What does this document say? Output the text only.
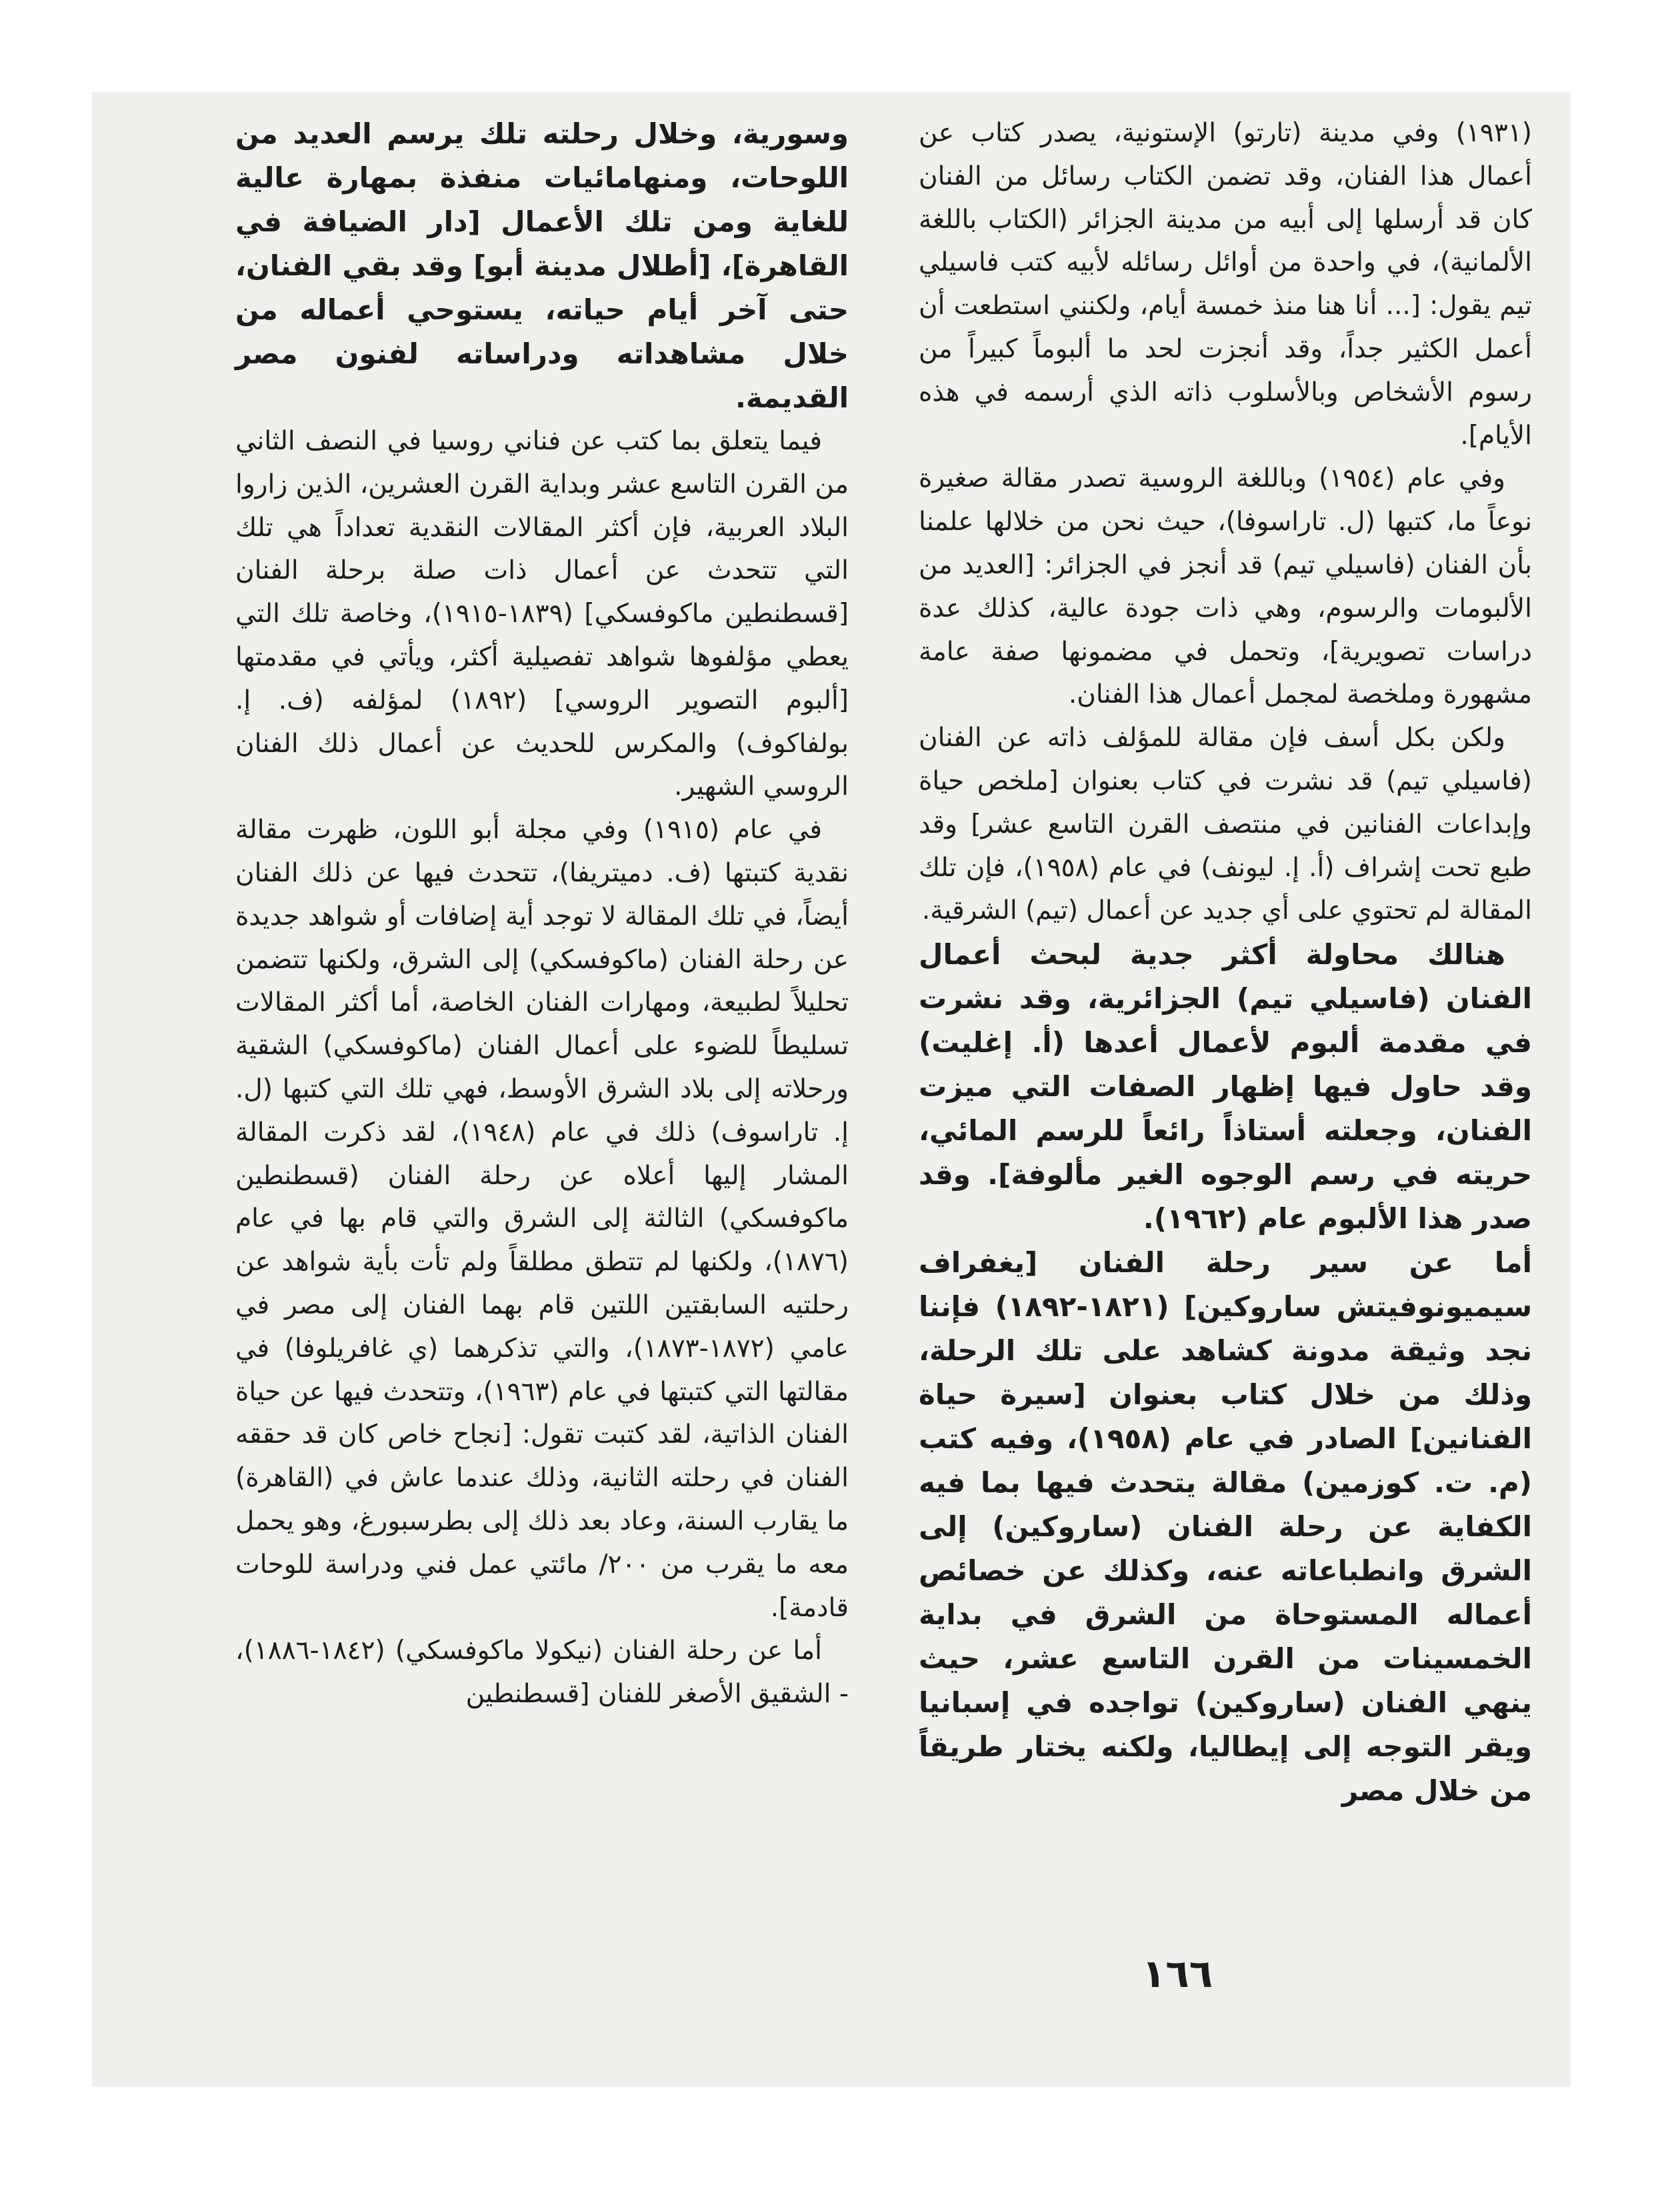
(١٩٣١) وفي مدينة (تارتو) الإستونية، يصدر كتاب عن أعمال هذا الفنان، وقد تضمن الكتاب رسائل من الفنان كان قد أرسلها إلى أبيه من مدينة الجزائر (الكتاب باللغة الألمانية)، في واحدة من أوائل رسائله لأبيه كتب فاسيلي تيم يقول: [... أنا هنا منذ خمسة أيام، ولكنني استطعت أن أعمل الكثير جداً، وقد أنجزت لحد ما ألبوماً كبيراً من رسوم الأشخاص وبالأسلوب ذاته الذي أرسمه في هذه الأيام].

وفي عام (١٩٥٤) وباللغة الروسية تصدر مقالة صغيرة نوعاً ما، كتبها (ل. تاراسوفا)، حيث نحن من خلالها علمنا بأن الفنان (فاسيلي تيم) قد أنجز في الجزائر: [العديد من الألبومات والرسوم، وهي ذات جودة عالية، كذلك عدة دراسات تصويرية]، وتحمل في مضمونها صفة عامة مشهورة وملخصة لمجمل أعمال هذا الفنان.

ولكن بكل أسف فإن مقالة للمؤلف ذاته عن الفنان (فاسيلي تيم) قد نشرت في كتاب بعنوان [ملخص حياة وإبداعات الفنانين في منتصف القرن التاسع عشر] وقد طبع تحت إشراف (أ. إ. ليونف) في عام (١٩٥٨)، فإن تلك المقالة لم تحتوي على أي جديد عن أعمال (تيم) الشرقية.

هنالك محاولة أكثر جدية لبحث أعمال الفنان (فاسيلي تيم) الجزائرية، وقد نشرت في مقدمة ألبوم لأعمال أعدها (أ. إغليت) وقد حاول فيها إظهار الصفات التي ميزت الفنان، وجعلته أستاذاً رائعاً للرسم المائي، حريته في رسم الوجوه الغير مألوفة]. وقد صدر هذا الألبوم عام (١٩٦٢).

أما عن سير رحلة الفنان [يغفراف سيميونوفيتش ساروكين] (١٨٢١-١٨٩٢) فإننا نجد وثيقة مدونة كشاهد على تلك الرحلة، وذلك من خلال كتاب بعنوان [سيرة حياة الفنانين] الصادر في عام (١٩٥٨)، وفيه كتب (م. ت. كوزمين) مقالة يتحدث فيها بما فيه الكفاية عن رحلة الفنان (ساروكين) إلى الشرق وانطباعاته عنه، وكذلك عن خصائص أعماله المستوحاة من الشرق في بداية الخمسينات من القرن التاسع عشر، حيث ينهي الفنان (ساروكين) تواجده في إسبانيا ويقر التوجه إلى إيطاليا، ولكنه يختار طريقاً من خلال مصر

وسورية، وخلال رحلته تلك يرسم العديد من اللوحات، ومنهامائيات منفذة بمهارة عالية للغاية ومن تلك الأعمال [دار الضيافة في القاهرة]، [أطلال مدينة أبو] وقد بقي الفنان، حتى آخر أيام حياته، يستوحي أعماله من خلال مشاهداته ودراساته لفنون مصر القديمة.

فيما يتعلق بما كتب عن فناني روسيا في النصف الثاني من القرن التاسع عشر وبداية القرن العشرين، الذين زاروا البلاد العربية، فإن أكثر المقالات النقدية تعداداً هي تلك التي تتحدث عن أعمال ذات صلة برحلة الفنان [قسطنطين ماكوفسكي] (١٨٣٩-١٩١٥)، وخاصة تلك التي يعطي مؤلفوها شواهد تفصيلية أكثر، ويأتي في مقدمتها [ألبوم التصوير الروسي] (١٨٩٢) لمؤلفه (ف. إ. بولفاكوف) والمكرس للحديث عن أعمال ذلك الفنان الروسي الشهير.

في عام (١٩١٥) وفي مجلة أبو اللون، ظهرت مقالة نقدية كتبتها (ف. دميتريفا)، تتحدث فيها عن ذلك الفنان أيضاً، في تلك المقالة لا توجد أية إضافات أو شواهد جديدة عن رحلة الفنان (ماكوفسكي) إلى الشرق، ولكنها تتضمن تحليلاً لطبيعة، ومهارات الفنان الخاصة، أما أكثر المقالات تسليطاً للضوء على أعمال الفنان (ماكوفسكي) الشقية ورحلاته إلى بلاد الشرق الأوسط، فهي تلك التي كتبها (ل. إ. تاراسوف) ذلك في عام (١٩٤٨)، لقد ذكرت المقالة المشار إليها أعلاه عن رحلة الفنان (قسطنطين ماكوفسكي) الثالثة إلى الشرق والتي قام بها في عام (١٨٧٦)، ولكنها لم تتطق مطلقاً ولم تأت بأية شواهد عن رحلتيه السابقتين اللتين قام بهما الفنان إلى مصر في عامي (١٨٧٢-١٨٧٣)، والتي تذكرهما (ي غافريلوفا) في مقالتها التي كتبتها في عام (١٩٦٣)، وتتحدث فيها عن حياة الفنان الذاتية، لقد كتبت تقول: [نجاح خاص كان قد حققه الفنان في رحلته الثانية، وذلك عندما عاش في (القاهرة) ما يقارب السنة، وعاد بعد ذلك إلى بطرسبورغ، وهو يحمل معه ما يقرب من ٢٠٠/ مائتي عمل فني ودراسة للوحات قادمة].

أما عن رحلة الفنان (نيكولا ماكوفسكي) (١٨٤٢-١٨٨٦)، - الشقيق الأصغر للفنان [قسطنطين

١٦٦
